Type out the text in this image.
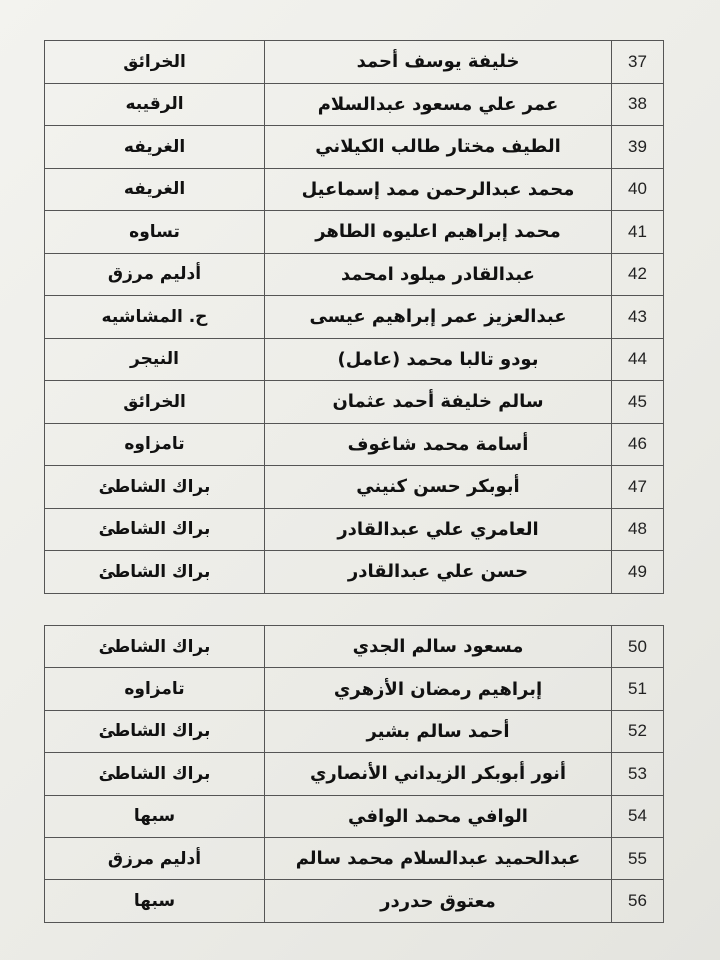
الخرائق	خليفة يوسف أحمد	37
الرقيبه	عمر علي مسعود عبدالسلام	38
الغريفه	الطيف مختار طالب الكيلاني	39
الغريفه	محمد عبدالرحمن ممد إسماعيل	40
تساوه	محمد إبراهيم اعليوه الطاهر	41
أدليم مرزق	عبدالقادر ميلود امحمد	42
ح. المشاشيه	عبدالعزيز عمر إبراهيم عيسى	43
النيجر	بودو تالبا محمد (عامل)	44
الخرائق	سالم خليفة أحمد عثمان	45
تامزاوه	أسامة محمد شاغوف	46
براك الشاطئ	أبوبكر حسن كنيني	47
براك الشاطئ	العامري علي عبدالقادر	48
براك الشاطئ	حسن علي عبدالقادر	49
براك الشاطئ	مسعود سالم الجدي	50
تامزاوه	إبراهيم رمضان الأزهري	51
براك الشاطئ	أحمد سالم بشير	52
براك الشاطئ	أنور أبوبكر الزيداني الأنصاري	53
سبها	الوافي محمد الوافي	54
أدليم مرزق	عبدالحميد عبدالسلام محمد سالم	55
سبها	معتوق حدردر	56
